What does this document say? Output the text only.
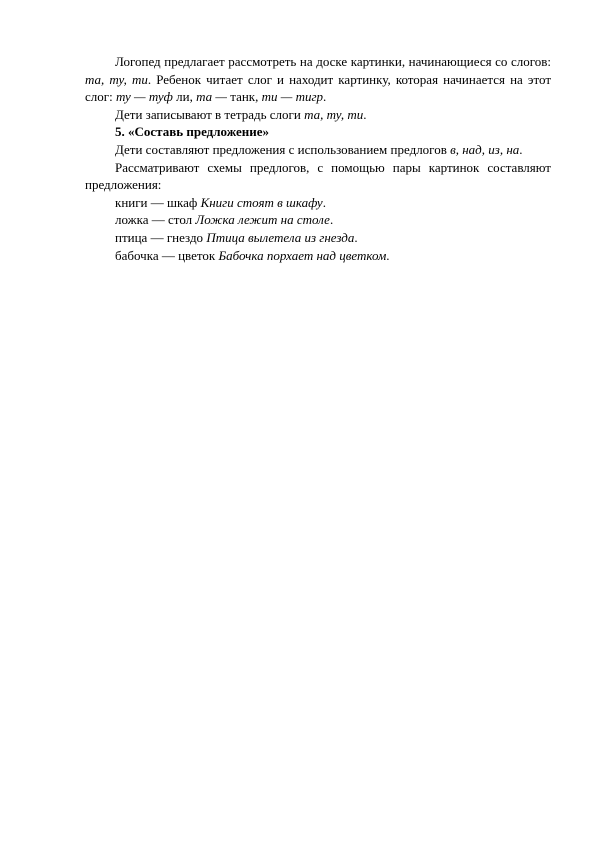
Логопед предлагает рассмотреть на доске картинки, начинающиеся со слогов: та, ту, ти. Ребенок читает слог и находит картинку, которая начинается на этот слог: ту — туф ли, та — танк, ти — тигр.

Дети записывают в тетрадь слоги та, ту, ти.

5. «Составь предложение»

Дети составляют предложения с использованием предлогов в, над, из, на.

Рассматривают схемы предлогов, с помощью пары картинок составляют предложения:

книги — шкаф Книги стоят в шкафу.

ложка — стол Ложка лежит на столе.

птица — гнездо Птица вылетела из гнезда.

бабочка — цветок Бабочка порхает над цветком.
